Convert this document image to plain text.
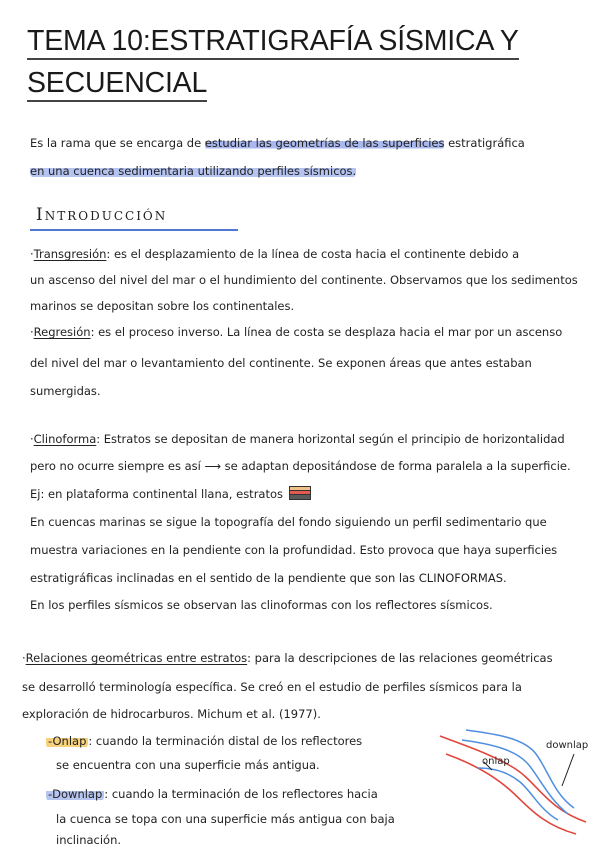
TEMA 10:ESTRATIGRAFÍA SÍSMICA Y
SECUENCIAL
Es la rama que se encarga de estudiar las geometrías de las superficies estratigráfica
en una cuenca sedimentaria utilizando perfiles sísmicos.
Introducción
·Transgresión: es el desplazamiento de la línea de costa hacia el continente debido a
un ascenso del nivel del mar o el hundimiento del continente. Observamos que los sedimentos
marinos se depositan sobre los continentales.
·Regresión: es el proceso inverso. La línea de costa se desplaza hacia el mar por un ascenso
del nivel del mar o levantamiento del continente. Se exponen áreas que antes estaban
sumergidas.
·Clinoforma: Estratos se depositan de manera horizontal según el principio de horizontalidad
pero no ocurre siempre es así ⟶ se adaptan depositándose de forma paralela a la superficie.
Ej: en plataforma continental llana, estratos
En cuencas marinas se sigue la topografía del fondo siguiendo un perfil sedimentario que
muestra variaciones en la pendiente con la profundidad. Esto provoca que haya superficies
estratigráficas inclinadas en el sentido de la pendiente que son las CLINOFORMAS.
En los perfiles sísmicos se observan las clinoformas con los reflectores sísmicos.
·Relaciones geométricas entre estratos: para la descripciones de las relaciones geométricas
se desarrolló terminología específica. Se creó en el estudio de perfiles sísmicos para la
exploración de hidrocarburos. Michum et al. (1977).
-Onlap : cuando la terminación distal de los reflectores
se encuentra con una superficie más antigua.
-Downlap : cuando la terminación de los reflectores hacia
la cuenca se topa con una superficie más antigua con baja
inclinación.
downlap
onlap
